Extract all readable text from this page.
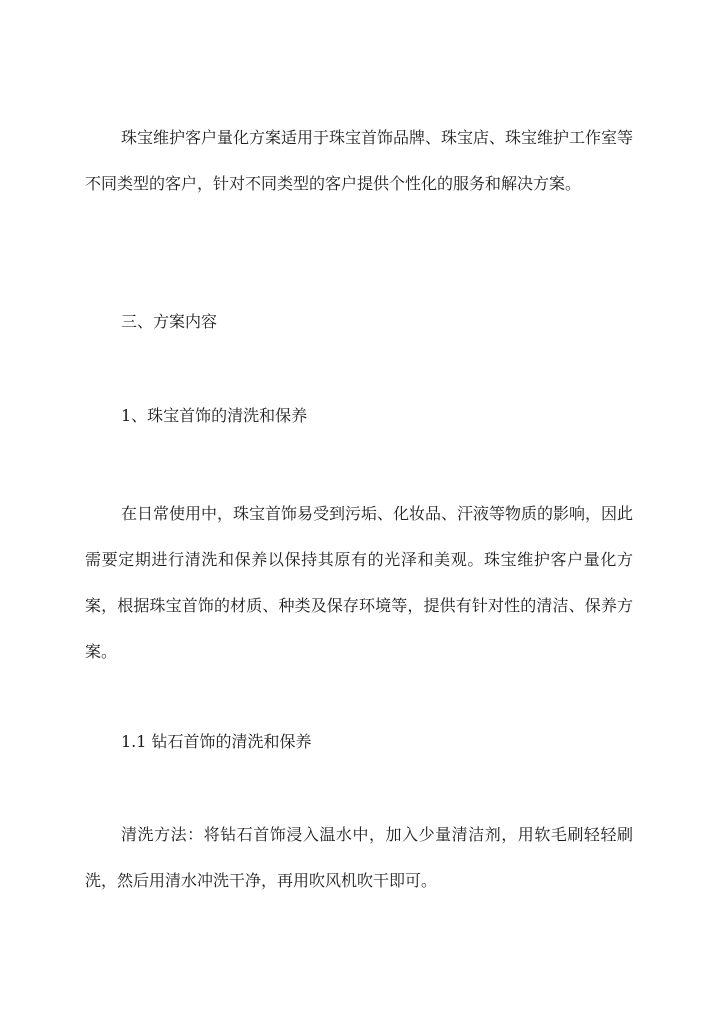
珠宝维护客户量化方案适用于珠宝首饰品牌、珠宝店、珠宝维护工作室等不同类型的客户，针对不同类型的客户提供个性化的服务和解决方案。

三、方案内容

1、珠宝首饰的清洗和保养

在日常使用中，珠宝首饰易受到污垢、化妆品、汗液等物质的影响，因此需要定期进行清洗和保养以保持其原有的光泽和美观。珠宝维护客户量化方案，根据珠宝首饰的材质、种类及保存环境等，提供有针对性的清洁、保养方案。

1.1 钻石首饰的清洗和保养

清洗方法：将钻石首饰浸入温水中，加入少量清洁剂，用软毛刷轻轻刷洗，然后用清水冲洗干净，再用吹风机吹干即可。
